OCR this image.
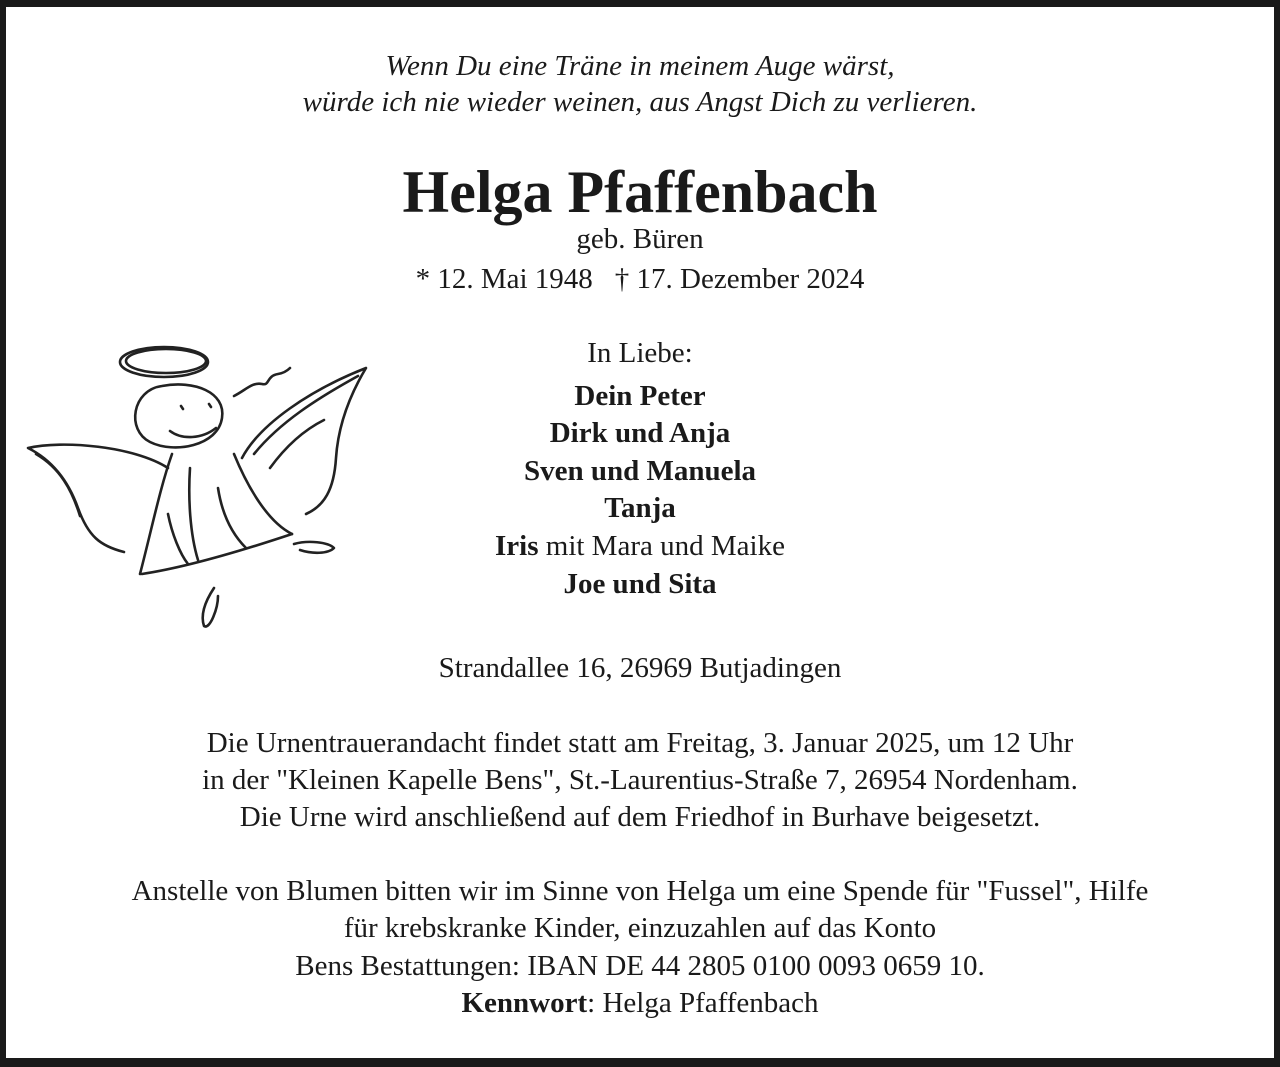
Wenn Du eine Träne in meinem Auge wärst,
würde ich nie wieder weinen, aus Angst Dich zu verlieren.
Helga Pfaffenbach
geb. Büren
* 12. Mai 1948 † 17. Dezember 2024
In Liebe:
Dein Peter
Dirk und Anja
Sven und Manuela
Tanja
Iris mit Mara und Maike
Joe und Sita
Strandallee 16, 26969 Butjadingen
Die Urnentrauerandacht findet statt am Freitag, 3. Januar 2025, um 12 Uhr
in der "Kleinen Kapelle Bens", St.-Laurentius-Straße 7, 26954 Nordenham.
Die Urne wird anschließend auf dem Friedhof in Burhave beigesetzt.
Anstelle von Blumen bitten wir im Sinne von Helga um eine Spende für "Fussel", Hilfe
für krebskranke Kinder, einzuzahlen auf das Konto
Bens Bestattungen: IBAN DE 44 2805 0100 0093 0659 10.
Kennwort: Helga Pfaffenbach
